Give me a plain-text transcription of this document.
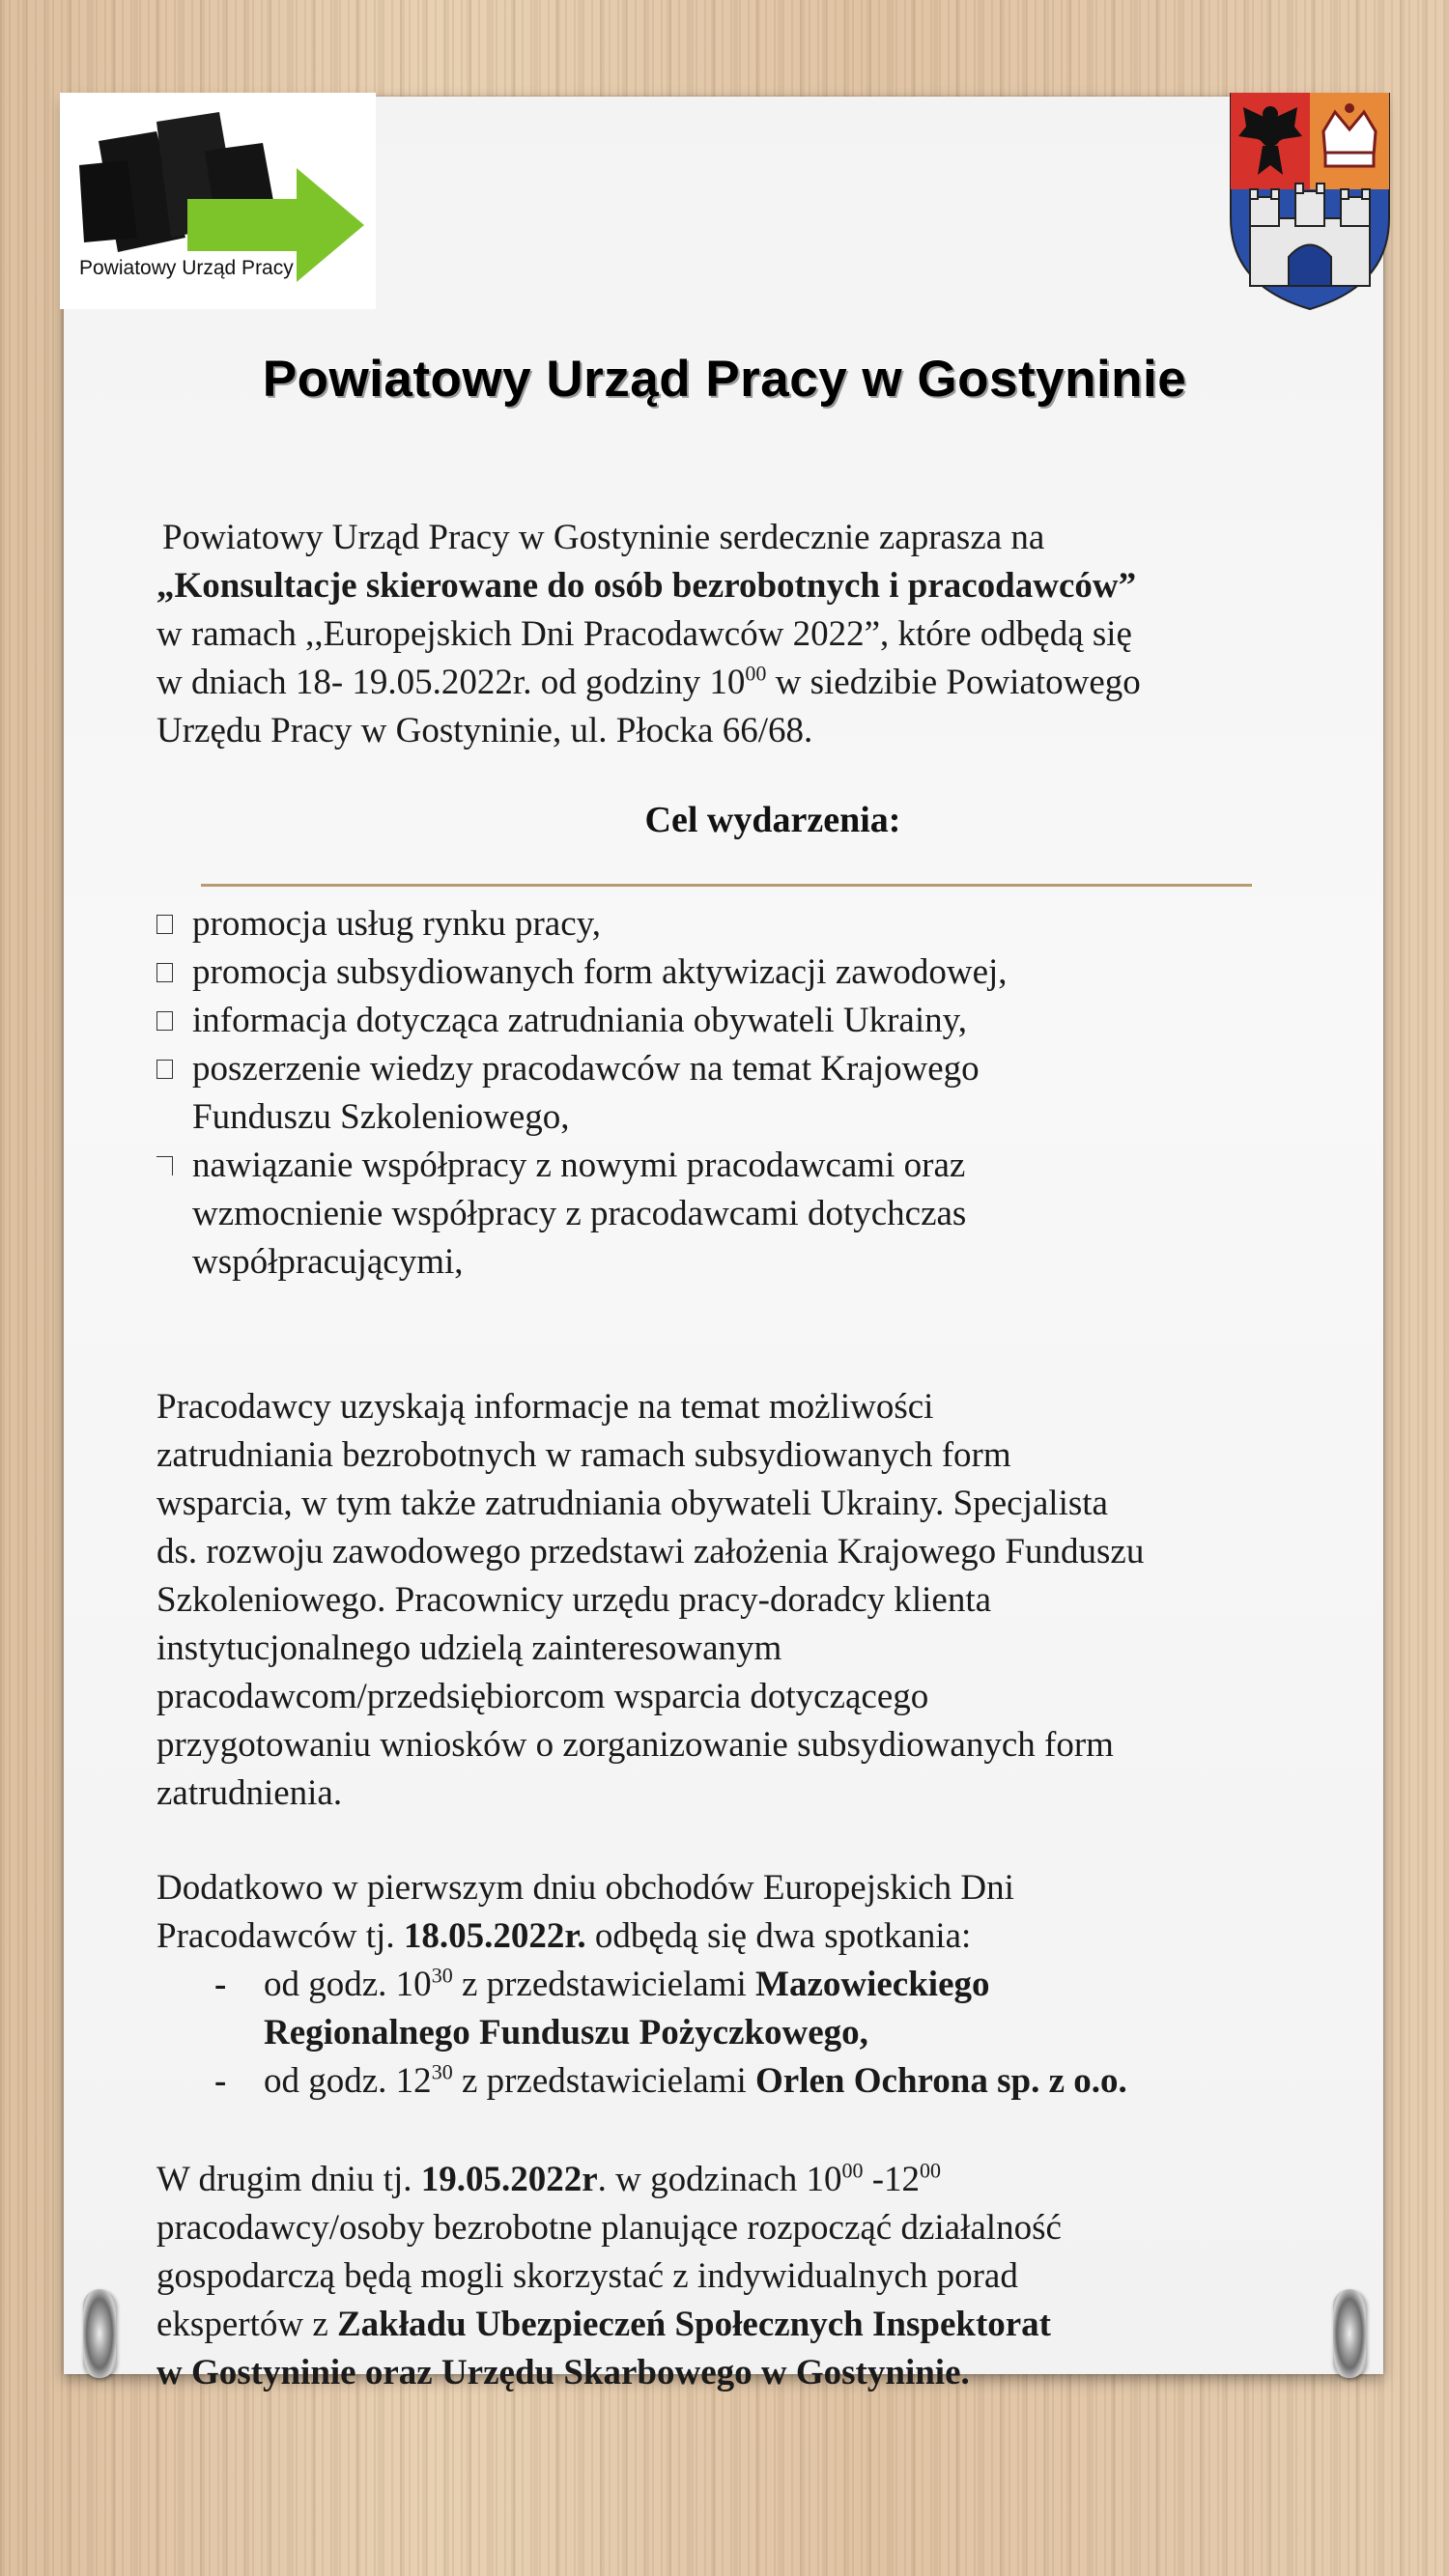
Powiatowy Urząd Pracy
Powiatowy Urząd Pracy w Gostyninie
Powiatowy Urząd Pracy w Gostyninie serdecznie zaprasza na
„Konsultacje skierowane do osób bezrobotnych i pracodawców”
w ramach ,,Europejskich Dni Pracodawców 2022”, które odbędą się
w dniach 18- 19.05.2022r. od godziny $10^{00}$ w siedzibie Powiatowego
Urzędu Pracy w Gostyninie, ul. Płocka 66/68.
Cel wydarzenia:
promocja usług rynku pracy,
promocja subsydiowanych form aktywizacji zawodowej,
informacja dotycząca zatrudniania obywateli Ukrainy,
poszerzenie wiedzy pracodawców na temat Krajowego
Funduszu Szkoleniowego,
nawiązanie współpracy z nowymi pracodawcami oraz
wzmocnienie współpracy z pracodawcami dotychczas
współpracującymi,
Pracodawcy uzyskają informacje na temat możliwości
zatrudniania bezrobotnych w ramach subsydiowanych form
wsparcia, w tym także zatrudniania obywateli Ukrainy. Specjalista
ds. rozwoju zawodowego przedstawi założenia Krajowego Funduszu
Szkoleniowego. Pracownicy urzędu pracy-doradcy klienta
instytucjonalnego udzielą zainteresowanym
pracodawcom/przedsiębiorcom wsparcia dotyczącego
przygotowaniu wniosków o zorganizowanie subsydiowanych form
zatrudnienia.
Dodatkowo w pierwszym dniu obchodów Europejskich Dni
Pracodawców tj. 18.05.2022r. odbędą się dwa spotkania:
- od godz. $10^{30}$ z przedstawicielami Mazowieckiego
Regionalnego Funduszu Pożyczkowego,
- od godz. $12^{30}$ z przedstawicielami Orlen Ochrona sp. z o.o.
W drugim dniu tj. 19.05.2022r. w godzinach $10^{00}$ $-12^{00}$
pracodawcy/osoby bezrobotne planujące rozpocząć działalność
gospodarczą będą mogli skorzystać z indywidualnych porad
ekspertów z Zakładu Ubezpieczeń Społecznych Inspektorat
w Gostyninie oraz Urzędu Skarbowego w Gostyninie.
